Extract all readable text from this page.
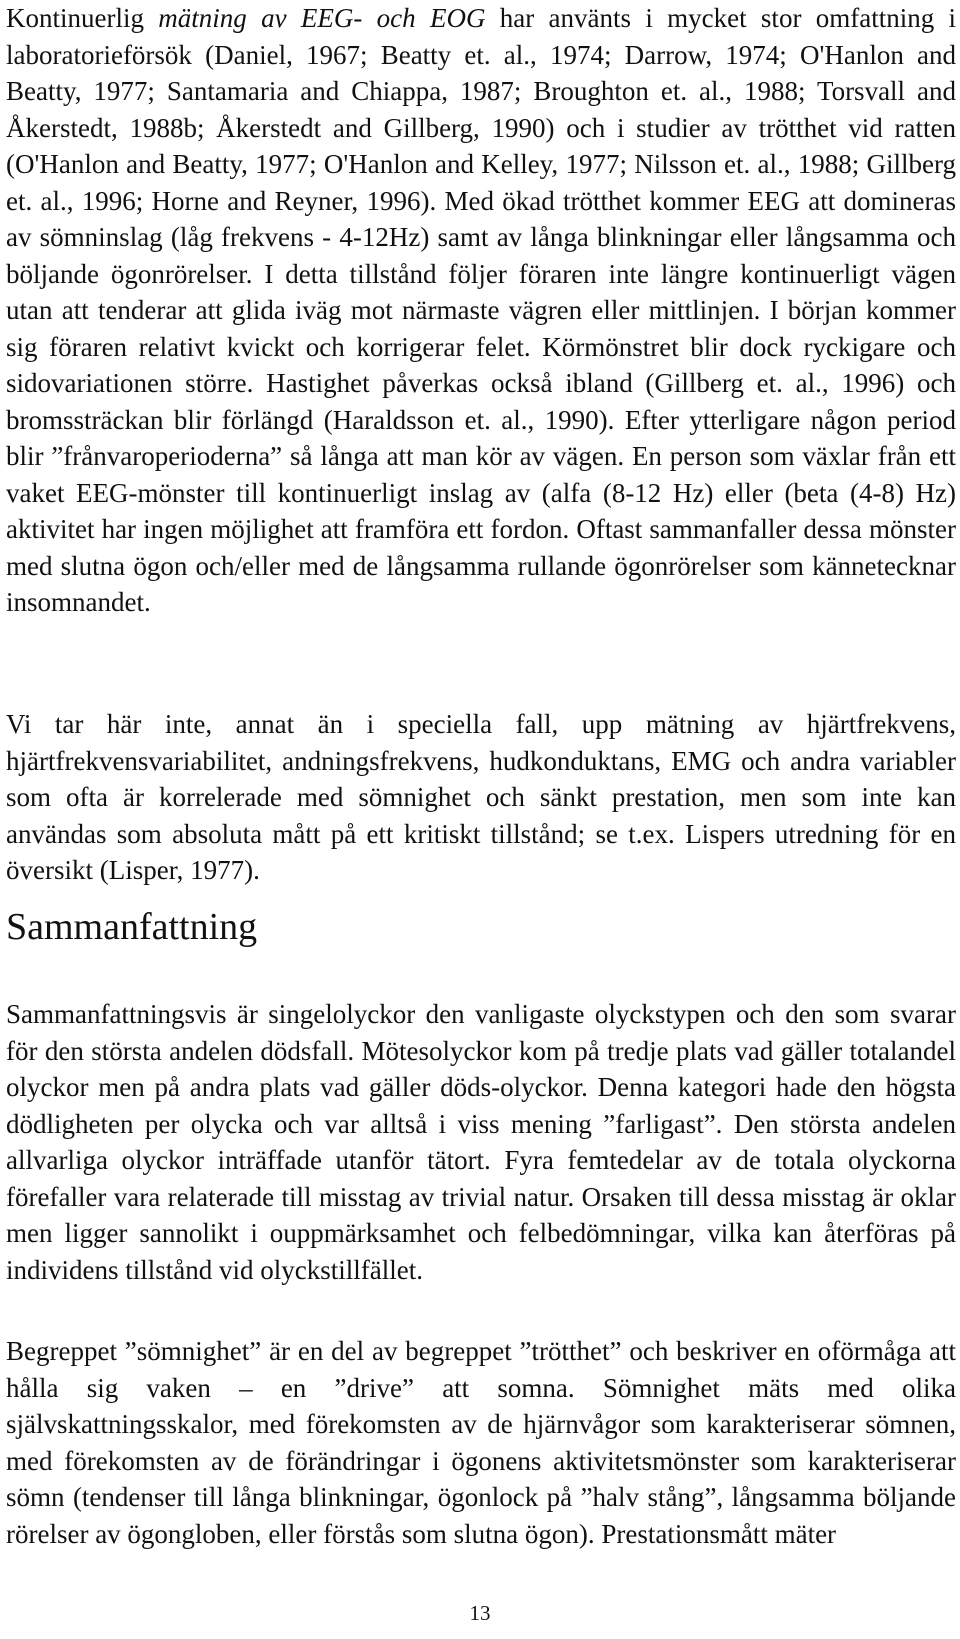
Kontinuerlig mätning av EEG- och EOG har använts i mycket stor omfattning i laboratorieförsök (Daniel, 1967; Beatty et. al., 1974; Darrow, 1974; O'Hanlon and Beatty, 1977; Santamaria and Chiappa, 1987; Broughton et. al., 1988; Torsvall and Åkerstedt, 1988b; Åkerstedt and Gillberg, 1990) och i studier av trötthet vid ratten (O'Hanlon and Beatty, 1977; O'Hanlon and Kelley, 1977; Nilsson et. al., 1988; Gillberg et. al., 1996; Horne and Reyner, 1996). Med ökad trötthet kommer EEG att domineras av sömninslag (låg frekvens - 4-12Hz) samt av långa blinkningar eller långsamma och böljande ögonrörelser. I detta tillstånd följer föraren inte längre kontinuerligt vägen utan att tenderar att glida iväg mot närmaste vägren eller mittlinjen. I början kommer sig föraren relativt kvickt och korrigerar felet. Körmönstret blir dock ryckigare och sidovariationen större. Hastighet påverkas också ibland (Gillberg et. al., 1996) och bromssträckan blir förlängd (Haraldsson et. al., 1990). Efter ytterligare någon period blir ”frånvaroperioderna” så långa att man kör av vägen. En person som växlar från ett vaket EEG-mönster till kontinuerligt inslag av (alfa (8-12 Hz) eller (beta (4-8) Hz) aktivitet har ingen möjlighet att framföra ett fordon. Oftast sammanfaller dessa mönster med slutna ögon och/eller med de långsamma rullande ögonrörelser som kännetecknar insomnandet.

Vi tar här inte, annat än i speciella fall, upp mätning av hjärtfrekvens, hjärtfrekvensvariabilitet, andningsfrekvens, hudkonduktans, EMG och andra variabler som ofta är korrelerade med sömnighet och sänkt prestation, men som inte kan användas som absoluta mått på ett kritiskt tillstånd; se t.ex. Lispers utredning för en översikt (Lisper, 1977).

Sammanfattning

Sammanfattningsvis är singelolyckor den vanligaste olyckstypen och den som svarar för den största andelen dödsfall. Mötesolyckor kom på tredje plats vad gäller totalandel olyckor men på andra plats vad gäller döds-olyckor. Denna kategori hade den högsta dödligheten per olycka och var alltså i viss mening ”farligast”. Den största andelen allvarliga olyckor inträffade utanför tätort. Fyra femtedelar av de totala olyckorna förefaller vara relaterade till misstag av trivial natur. Orsaken till dessa misstag är oklar men ligger sannolikt i ouppmärksamhet och felbedömningar, vilka kan återföras på individens tillstånd vid olyckstillfället.

Begreppet ”sömnighet” är en del av begreppet ”trötthet” och beskriver en oförmåga att hålla sig vaken – en ”drive” att somna. Sömnighet mäts med olika självskattningsskalor, med förekomsten av de hjärnvågor som karakteriserar sömnen, med förekomsten av de förändringar i ögonens aktivitetsmönster som karakteriserar sömn (tendenser till långa blinkningar, ögonlock på ”halv stång”, långsamma böljande rörelser av ögongloben, eller förstås som slutna ögon). Prestationsmått mäter

13
